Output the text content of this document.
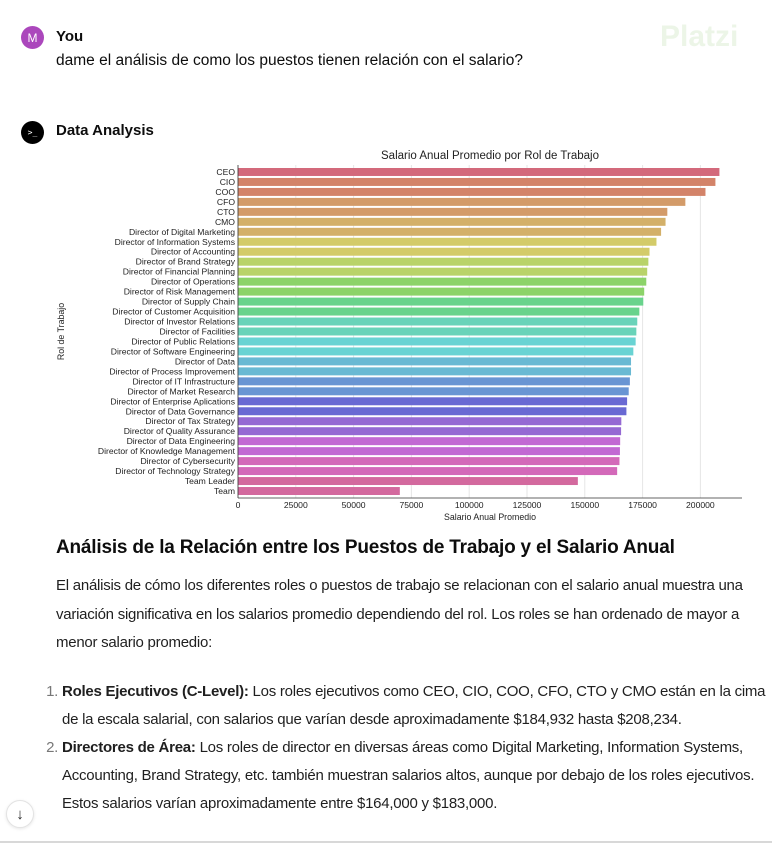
M	You
dame el análisis de como los puestos tienen relación con el salario?
>_	Data Analysis
CEO
CIO
COO
CFO
CTO
CMO
Director of Digital Marketing
Director of Information Systems
Director of Accounting
Director of Brand Strategy
Director of Financial Planning
Director of Operations
Director of Risk Management
Director of Supply Chain
Director of Customer Acquisition
Director of Investor Relations
Director of Facilities
Director of Public Relations
Director of Software Engineering
Director of Data
Director of Process Improvement
Director of IT Infrastructure
Director of Market Research
Director of Enterprise Aplications
Director of Data Governance
Director of Tax Strategy
Director of Quality Assurance
Director of Data Engineering
Director of Knowledge Management
Director of Cybersecurity
Director of Technology Strategy
Team Leader
Team
0	25000	50000	75000	100000	125000	150000	175000	200000
Salario Anual Promedio por Rol de Trabajo
Salario Anual Promedio
Rol de Trabajo
Análisis de la Relación entre los Puestos de Trabajo y el Salario Anual
El análisis de cómo los diferentes roles o puestos de trabajo se relacionan con el salario anual muestra una variación significativa en los salarios promedio dependiendo del rol. Los roles se han ordenado de mayor a menor salario promedio:
1. Roles Ejecutivos (C-Level): Los roles ejecutivos como CEO, CIO, COO, CFO, CTO y CMO están en la cima de la escala salarial, con salarios que varían desde aproximadamente $184,932 hasta $208,234.
2. Directores de Área: Los roles de director en diversas áreas como Digital Marketing, Information Systems, Accounting, Brand Strategy, etc. también muestran salarios altos, aunque por debajo de los roles ejecutivos. Estos salarios varían aproximadamente entre $164,000 y $183,000.
Platzi
↓
